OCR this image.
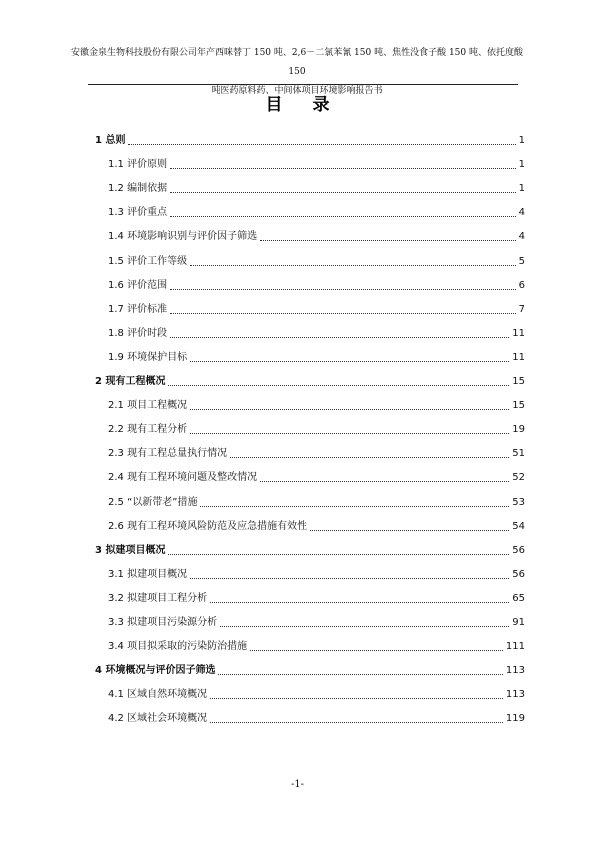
安徽金泉生物科技股份有限公司年产西咪替丁 150 吨、2,6－二氯苯氰 150 吨、焦性没食子酸 150 吨、依托度酸 150
吨医药原料药、中间体项目环境影响报告书
目 录
1 总则	1
1.1 评价原则	1
1.2 编制依据	1
1.3 评价重点	4
1.4 环境影响识别与评价因子筛选	4
1.5 评价工作等级	5
1.6 评价范围	6
1.7 评价标准	7
1.8 评价时段	11
1.9 环境保护目标	11
2 现有工程概况	15
2.1 项目工程概况	15
2.2 现有工程分析	19
2.3 现有工程总量执行情况	51
2.4 现有工程环境问题及整改情况	52
2.5 “以新带老”措施	53
2.6 现有工程环境风险防范及应急措施有效性	54
3 拟建项目概况	56
3.1 拟建项目概况	56
3.2 拟建项目工程分析	65
3.3 拟建项目污染源分析	91
3.4 项目拟采取的污染防治措施	111
4 环境概况与评价因子筛选	113
4.1 区域自然环境概况	113
4.2 区域社会环境概况	119
-1-
